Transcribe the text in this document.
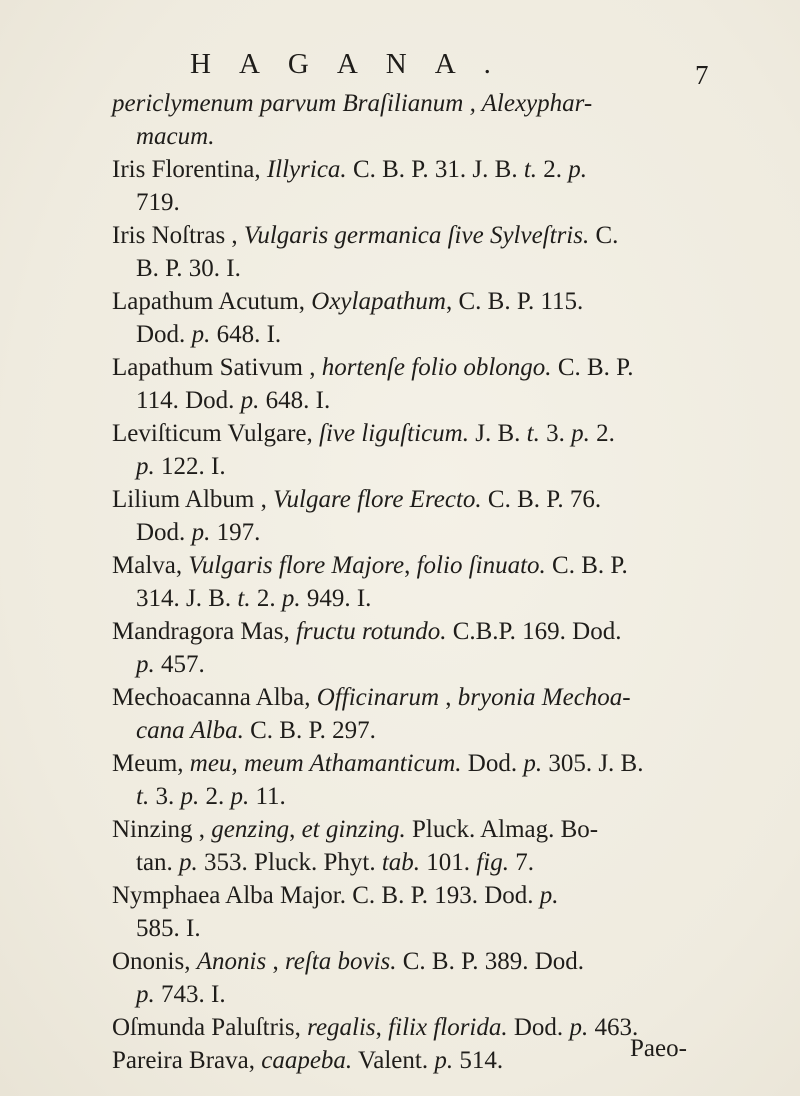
HAGANA.	7
periclymenum parvum Braſilianum , Alexyphar-
macum.
Iris Florentina, Illyrica. C. B. P. 31. J. B. t. 2. p.
719.
Iris Noſtras , Vulgaris germanica ſive Sylveſtris. C.
B. P. 30. I.
Lapathum Acutum, Oxylapathum, C. B. P. 115.
Dod. p. 648. I.
Lapathum Sativum , hortenſe folio oblongo. C. B. P.
114. Dod. p. 648. I.
Leviſticum Vulgare, ſive liguſticum. J. B. t. 3. p. 2.
p. 122. I.
Lilium Album , Vulgare flore Erecto. C. B. P. 76.
Dod. p. 197.
Malva, Vulgaris flore Majore, folio ſinuato. C. B. P.
314. J. B. t. 2. p. 949. I.
Mandragora Mas, fructu rotundo. C.B.P. 169. Dod.
p. 457.
Mechoacanna Alba, Officinarum , bryonia Mechoa-
cana Alba. C. B. P. 297.
Meum, meu, meum Athamanticum. Dod. p. 305. J. B.
t. 3. p. 2. p. 11.
Ninzing , genzing, et ginzing. Pluck. Almag. Bo-
tan. p. 353. Pluck. Phyt. tab. 101. fig. 7.
Nymphaea Alba Major. C. B. P. 193. Dod. p.
585. I.
Ononis, Anonis , reſta bovis. C. B. P. 389. Dod.
p. 743. I.
Oſmunda Paluſtris, regalis, filix florida. Dod. p. 463.
Pareira Brava, caapeba. Valent. p. 514.	Paeo-
